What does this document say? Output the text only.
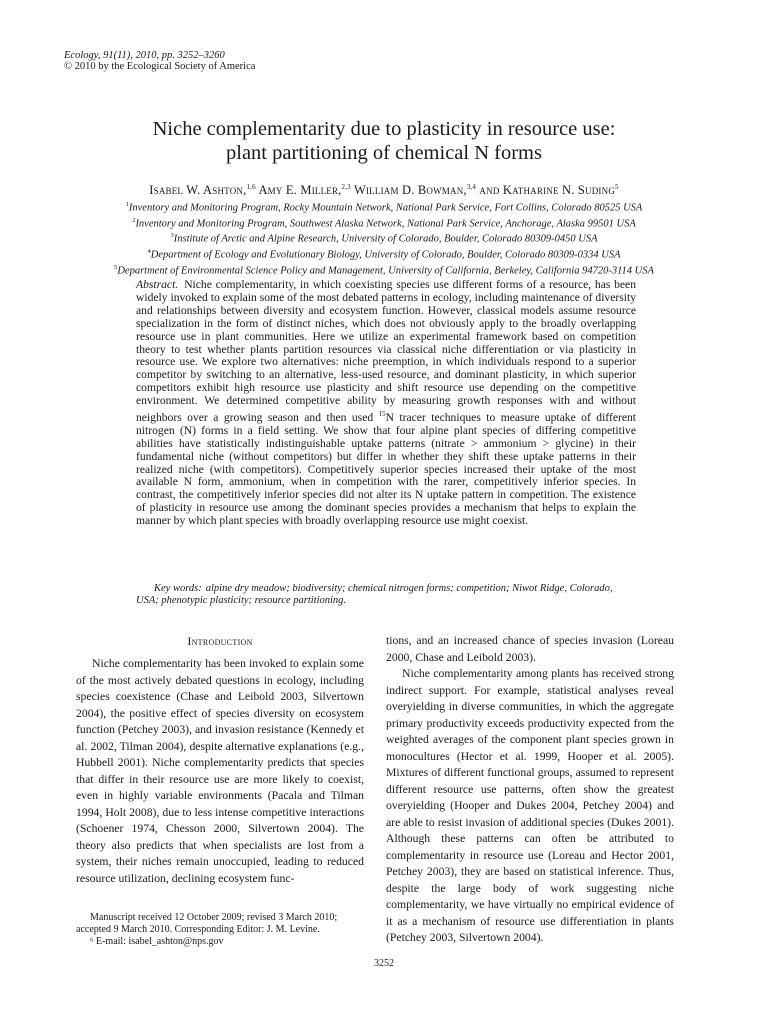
Ecology, 91(11), 2010, pp. 3252–3260
© 2010 by the Ecological Society of America
Niche complementarity due to plasticity in resource use:
plant partitioning of chemical N forms
Isabel W. Ashton,$^{1,6}$ Amy E. Miller,$^{2,3}$ William D. Bowman,$^{3,4}$ and Katharine N. Suding$^5$
$^1$Inventory and Monitoring Program, Rocky Mountain Network, National Park Service, Fort Collins, Colorado 80525 USA
$^2$Inventory and Monitoring Program, Southwest Alaska Network, National Park Service, Anchorage, Alaska 99501 USA
$^3$Institute of Arctic and Alpine Research, University of Colorado, Boulder, Colorado 80309-0450 USA
$^4$Department of Ecology and Evolutionary Biology, University of Colorado, Boulder, Colorado 80309-0334 USA
$^5$Department of Environmental Science Policy and Management, University of California, Berkeley, California 94720-3114 USA
Abstract. Niche complementarity, in which coexisting species use different forms of a resource, has been widely invoked to explain some of the most debated patterns in ecology, including maintenance of diversity and relationships between diversity and ecosystem function. However, classical models assume resource specialization in the form of distinct niches, which does not obviously apply to the broadly overlapping resource use in plant communities. Here we utilize an experimental framework based on competition theory to test whether plants partition resources via classical niche differentiation or via plasticity in resource use. We explore two alternatives: niche preemption, in which individuals respond to a superior competitor by switching to an alternative, less-used resource, and dominant plasticity, in which superior competitors exhibit high resource use plasticity and shift resource use depending on the competitive environment. We determined competitive ability by measuring growth responses with and without neighbors over a growing season and then used $^{15}$N tracer techniques to measure uptake of different nitrogen (N) forms in a field setting. We show that four alpine plant species of differing competitive abilities have statistically indistinguishable uptake patterns (nitrate > ammonium > glycine) in their fundamental niche (without competitors) but differ in whether they shift these uptake patterns in their realized niche (with competitors). Competitively superior species increased their uptake of the most available N form, ammonium, when in competition with the rarer, competitively inferior species. In contrast, the competitively inferior species did not alter its N uptake pattern in competition. The existence of plasticity in resource use among the dominant species provides a mechanism that helps to explain the manner by which plant species with broadly overlapping resource use might coexist.
Key words: alpine dry meadow; biodiversity; chemical nitrogen forms; competition; Niwot Ridge, Colorado, USA; phenotypic plasticity; resource partitioning.
Introduction

Niche complementarity has been invoked to explain some of the most actively debated questions in ecology, including species coexistence (Chase and Leibold 2003, Silvertown 2004), the positive effect of species diversity on ecosystem function (Petchey 2003), and invasion resistance (Kennedy et al. 2002, Tilman 2004), despite alternative explanations (e.g., Hubbell 2001). Niche complementarity predicts that species that differ in their resource use are more likely to coexist, even in highly variable environments (Pacala and Tilman 1994, Holt 2008), due to less intense competitive interactions (Schoener 1974, Chesson 2000, Silvertown 2004). The theory also predicts that when specialists are lost from a system, their niches remain unoccupied, leading to reduced resource utilization, declining ecosystem func-

tions, and an increased chance of species invasion (Loreau 2000, Chase and Leibold 2003).

Niche complementarity among plants has received strong indirect support. For example, statistical analyses reveal overyielding in diverse communities, in which the aggregate primary productivity exceeds productivity expected from the weighted averages of the component plant species grown in monocultures (Hector et al. 1999, Hooper et al. 2005). Mixtures of different functional groups, assumed to represent different resource use patterns, often show the greatest overyielding (Hooper and Dukes 2004, Petchey 2004) and are able to resist invasion of additional species (Dukes 2001). Although these patterns can often be attributed to complementarity in resource use (Loreau and Hector 2001, Petchey 2003), they are based on statistical inference. Thus, despite the large body of work suggesting niche complementarity, we have virtually no empirical evidence of it as a mechanism of resource use differentiation in plants (Petchey 2003, Silvertown 2004).

Manuscript received 12 October 2009; revised 3 March 2010; accepted 9 March 2010. Corresponding Editor: J. M. Levine.

⁶ E-mail: isabel_ashton@nps.gov

3252
